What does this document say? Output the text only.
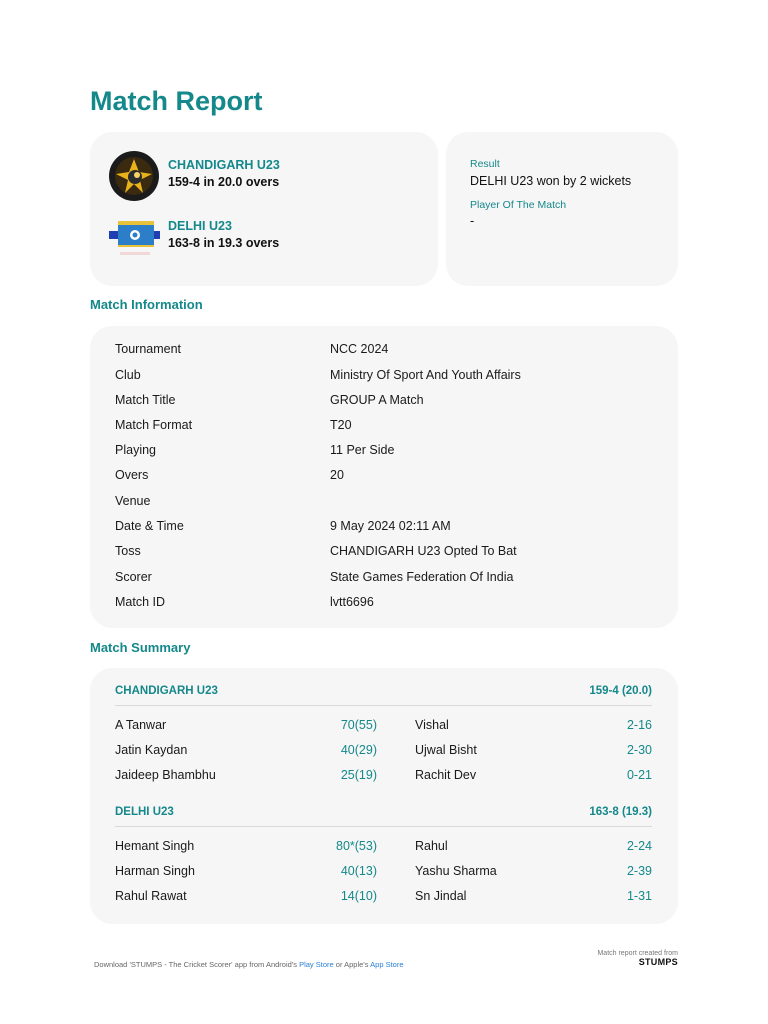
Match Report
CHANDIGARH U23
159-4 in 20.0 overs
DELHI U23
163-8 in 19.3 overs
Result
DELHI U23 won by 2 wickets
Player Of The Match
-
Match Information
Tournament	NCC 2024
Club	Ministry Of Sport And Youth Affairs
Match Title	GROUP A Match
Match Format	T20
Playing	11 Per Side
Overs	20
Venue
Date & Time	9 May 2024 02:11 AM
Toss	CHANDIGARH U23 Opted To Bat
Scorer	State Games Federation Of India
Match ID	lvtt6696
Match Summary
CHANDIGARH U23	159-4 (20.0)
A Tanwar	70(55)	Vishal	2-16
Jatin Kaydan	40(29)	Ujwal Bisht	2-30
Jaideep Bhambhu	25(19)	Rachit Dev	0-21
DELHI U23	163-8 (19.3)
Hemant Singh	80*(53)	Rahul	2-24
Harman Singh	40(13)	Yashu Sharma	2-39
Rahul Rawat	14(10)	Sn Jindal	1-31
Download 'STUMPS - The Cricket Scorer' app from Android's Play Store or Apple's App Store
Match report created from
STUMPS
